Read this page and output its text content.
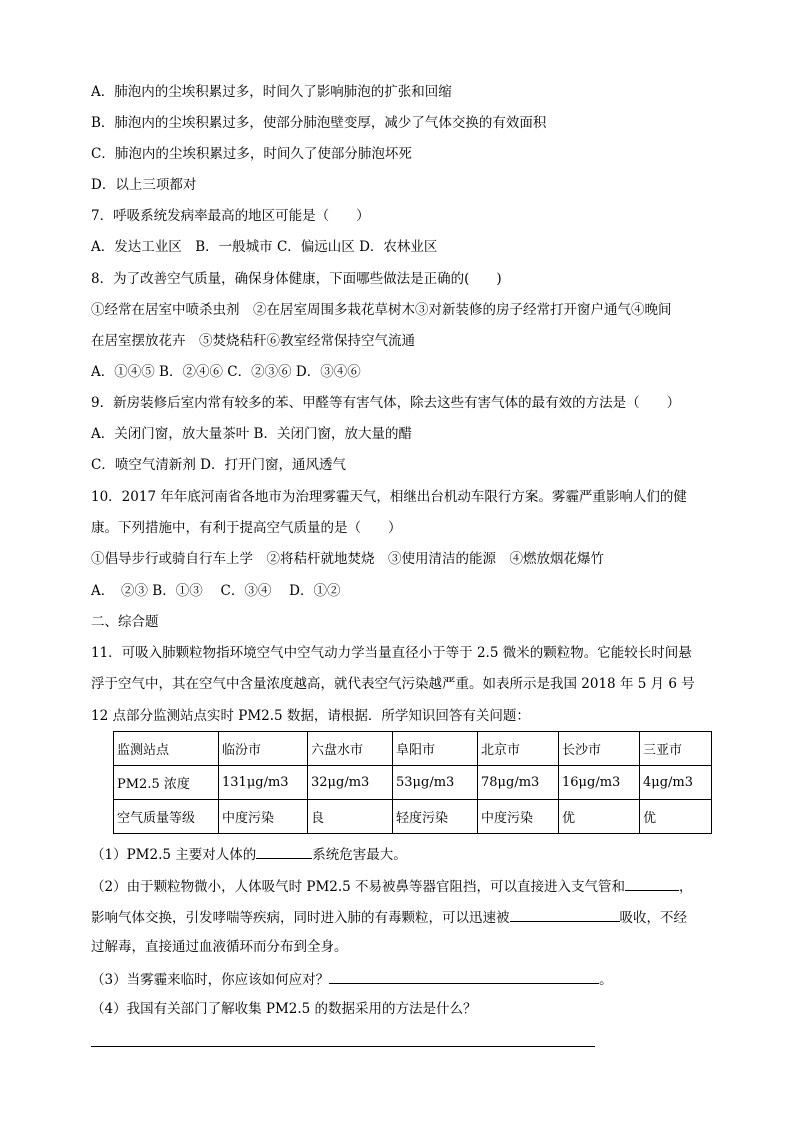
A．肺泡内的尘埃积累过多，时间久了影响肺泡的扩张和回缩
B．肺泡内的尘埃积累过多，使部分肺泡壁变厚，减少了气体交换的有效面积
C．肺泡内的尘埃积累过多，时间久了使部分肺泡坏死
D．以上三项都对
7．呼吸系统发病率最高的地区可能是（　　）
A．发达工业区　B．一般城市 C．偏远山区 D．农林业区
8．为了改善空气质量，确保身体健康，下面哪些做法是正确的(　　)
①经常在居室中喷杀虫剂　②在居室周围多栽花草树木③对新装修的房子经常打开窗户通气④晚间
在居室摆放花卉　⑤焚烧秸秆⑥教室经常保持空气流通
A．①④⑤ B．②④⑥ C．②③⑥ D．③④⑥
9．新房装修后室内常有较多的苯、甲醛等有害气体，除去这些有害气体的最有效的方法是（　　）
A．关闭门窗，放大量茶叶 B．关闭门窗，放大量的醋
C．喷空气清新剂 D．打开门窗，通风透气
10．2017 年年底河南省各地市为治理雾霾天气，相继出台机动车限行方案。雾霾严重影响人们的健
康。下列措施中，有利于提高空气质量的是（　　）
①倡导步行或骑自行车上学　②将秸杆就地焚烧　③使用清洁的能源　④燃放烟花爆竹
A．　②③ B．①③　 C．③④　 D．①②
二、综合题
11．可吸入肺颗粒物指环境空气中空气动力学当量直径小于等于 2.5 微米的颗粒物。它能较长时间悬
浮于空气中，其在空气中含量浓度越高，就代表空气污染越严重。如表所示是我国 2018 年 5 月 6 号
12 点部分监测站点实时 PM2.5 数据，请根据．所学知识回答有关问题：
监测站点	临汾市	六盘水市	阜阳市	北京市	长沙市	三亚市
PM2.5 浓度	131μg/m3	32μg/m3	53μg/m3	78μg/m3	16μg/m3	4μg/m3
空气质量等级	中度污染	良	轻度污染	中度污染	优	优
（1）PM2.5 主要对人体的	系统危害最大。
（2）由于颗粒物微小，人体吸气时 PM2.5 不易被鼻等器官阻挡，可以直接进入支气管和	，
影响气体交换，引发哮喘等疾病，同时进入肺的有毒颗粒，可以迅速被	吸收，不经
过解毒，直接通过血液循环而分布到全身。
（3）当雾霾来临时，你应该如何应对？	。
（4）我国有关部门了解收集 PM2.5 的数据采用的方法是什么？
